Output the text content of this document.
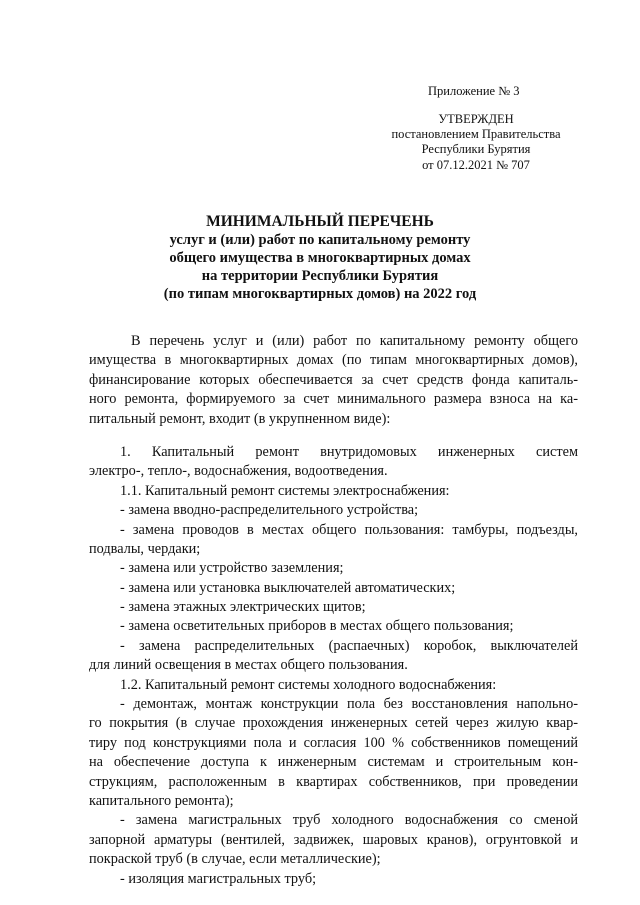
Приложение № 3
УТВЕРЖДЕН
постановлением Правительства
Республики Бурятия
от 07.12.2021 № 707
МИНИМАЛЬНЫЙ ПЕРЕЧЕНЬ
услуг и (или) работ по капитальному ремонту
общего имущества в многоквартирных домах
на территории Республики Бурятия
(по типам многоквартирных домов) на 2022 год
В перечень услуг и (или) работ по капитальному ремонту общего
имущества в многоквартирных домах (по типам многоквартирных домов),
финансирование которых обеспечивается за счет средств фонда капиталь-
ного ремонта, формируемого за счет минимального размера взноса на ка-
питальный ремонт, входит (в укрупненном виде):
1. Капитальный ремонт внутридомовых инженерных систем
электро-, тепло-, водоснабжения, водоотведения.
1.1. Капитальный ремонт системы электроснабжения:
- замена вводно-распределительного устройства;
- замена проводов в местах общего пользования: тамбуры, подъезды,
подвалы, чердаки;
- замена или устройство заземления;
- замена или установка выключателей автоматических;
- замена этажных электрических щитов;
- замена осветительных приборов в местах общего пользования;
- замена распределительных (распаечных) коробок, выключателей
для линий освещения в местах общего пользования.
1.2. Капитальный ремонт системы холодного водоснабжения:
- демонтаж, монтаж конструкции пола без восстановления напольно-
го покрытия (в случае прохождения инженерных сетей через жилую квар-
тиру под конструкциями пола и согласия 100 % собственников помещений
на обеспечение доступа к инженерным системам и строительным кон-
струкциям, расположенным в квартирах собственников, при проведении
капитального ремонта);
- замена магистральных труб холодного водоснабжения со сменой
запорной арматуры (вентилей, задвижек, шаровых кранов), огрунтовкой и
покраской труб (в случае, если металлические);
- изоляция магистральных труб;
